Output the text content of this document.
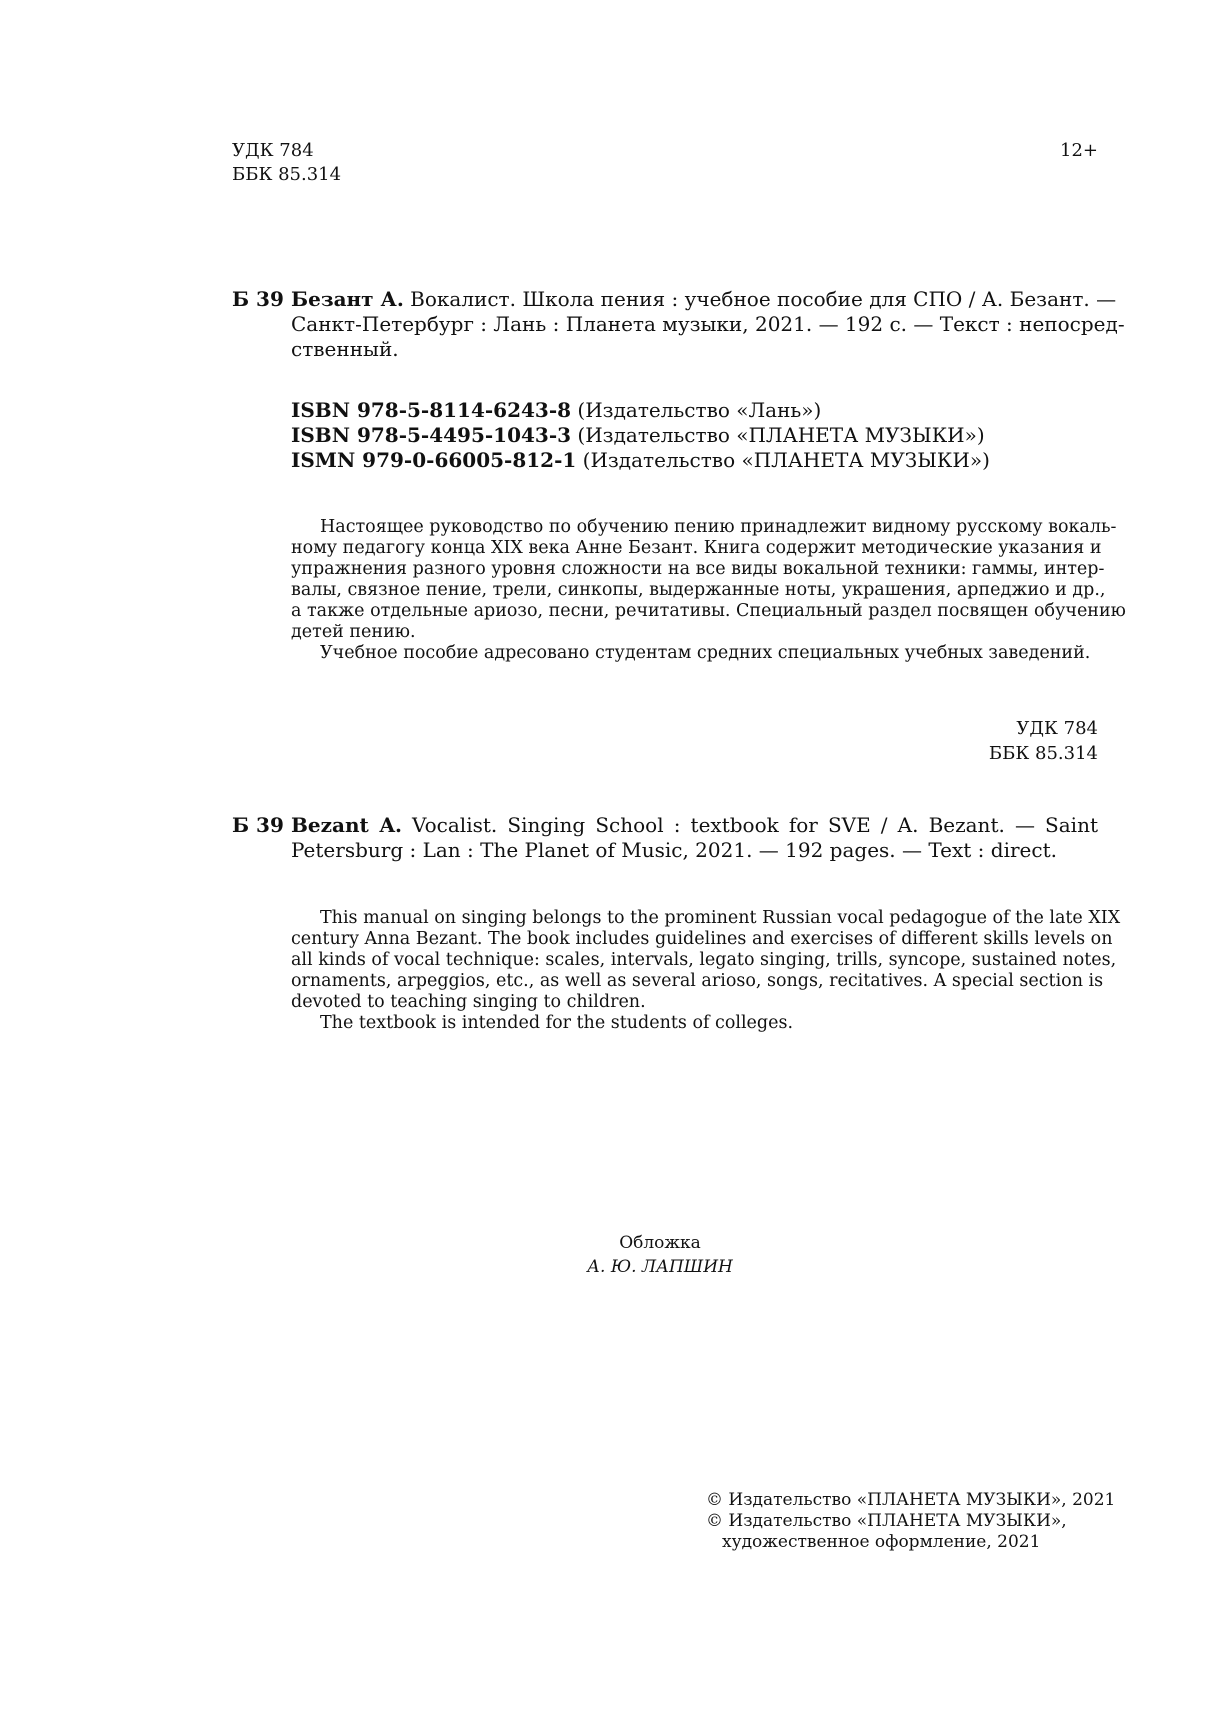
УДК 784
ББК 85.314
12+
Б 39 Безант А. Вокалист. Школа пения : учебное пособие для СПО / А. Безант. —
Санкт-Петербург : Лань : Планета музыки, 2021. — 192 с. — Текст : непосред-
ственный.
ISBN 978-5-8114-6243-8 (Издательство «Лань»)
ISBN 978-5-4495-1043-3 (Издательство «ПЛАНЕТА МУЗЫКИ»)
ISMN 979-0-66005-812-1 (Издательство «ПЛАНЕТА МУЗЫКИ»)
Настоящее руководство по обучению пению принадлежит видному русскому вокаль-
ному педагогу конца XIX века Анне Безант. Книга содержит методические указания и
упражнения разного уровня сложности на все виды вокальной техники: гаммы, интер-
валы, связное пение, трели, синкопы, выдержанные ноты, украшения, арпеджио и др.,
а также отдельные ариозо, песни, речитативы. Специальный раздел посвящен обучению
детей пению.
Учебное пособие адресовано студентам средних специальных учебных заведений.
УДК 784
ББК 85.314
Б 39 Bezant A. Vocalist. Singing School : textbook for SVE / A. Bezant. — Saint
Petersburg : Lan : The Planet of Music, 2021. — 192 pages. — Text : direct.
This manual on singing belongs to the prominent Russian vocal pedagogue of the late XIX
century Anna Bezant. The book includes guidelines and exercises of different skills levels on
all kinds of vocal technique: scales, intervals, legato singing, trills, syncope, sustained notes,
ornaments, arpeggios, etc., as well as several arioso, songs, recitatives. A special section is
devoted to teaching singing to children.
The textbook is intended for the students of colleges.
Обложка
А. Ю. ЛАПШИН
© Издательство «ПЛАНЕТА МУЗЫКИ», 2021
© Издательство «ПЛАНЕТА МУЗЫКИ»,
художественное оформление, 2021
